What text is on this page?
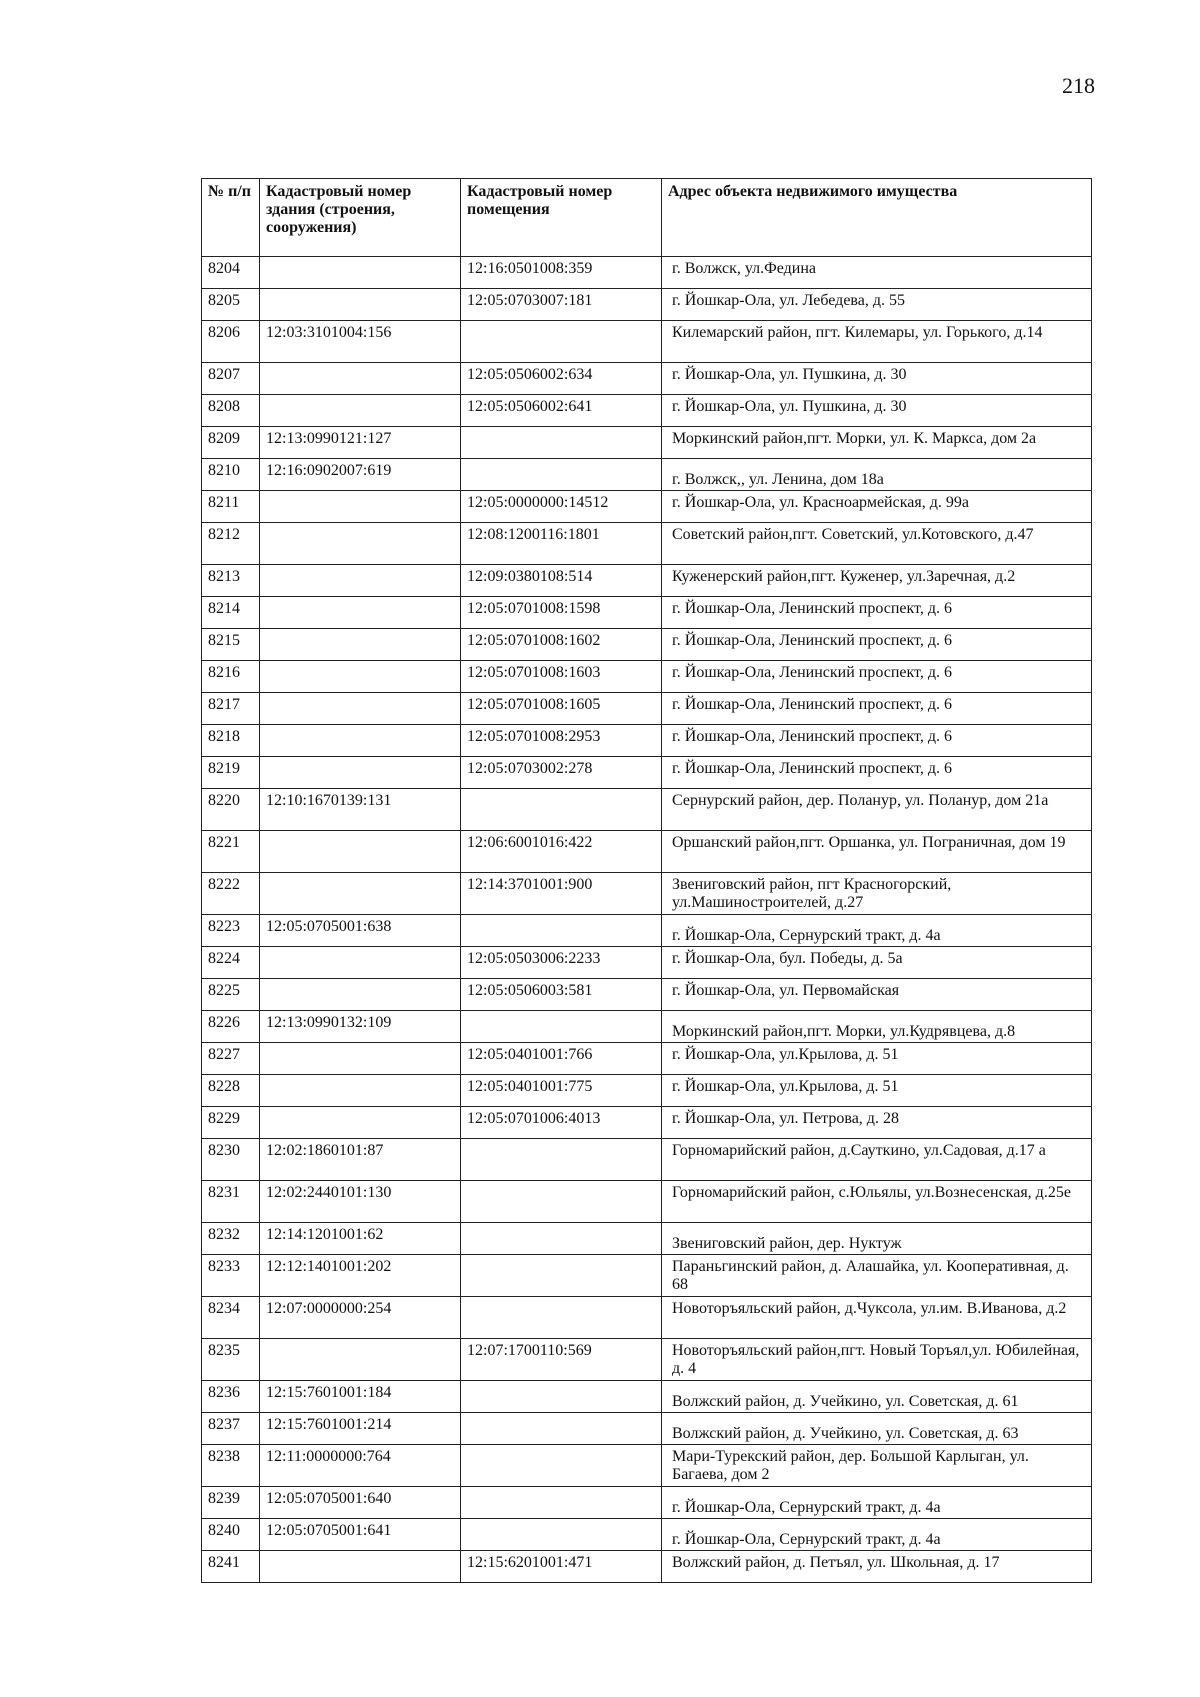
218
№ п/п	Кадастровый номер здания (строения, сооружения)	Кадастровый номер помещения	Адрес объекта недвижимого имущества
8204		12:16:0501008:359	г. Волжск, ул.Федина
8205		12:05:0703007:181	г. Йошкар-Ола, ул. Лебедева, д. 55
8206	12:03:3101004:156		Килемарский район, пгт. Килемары, ул. Горького, д.14
8207		12:05:0506002:634	г. Йошкар-Ола, ул. Пушкина, д. 30
8208		12:05:0506002:641	г. Йошкар-Ола, ул. Пушкина, д. 30
8209	12:13:0990121:127		Моркинский район,пгт. Морки, ул. К. Маркса, дом 2а
8210	12:16:0902007:619		г. Волжск,, ул. Ленина, дом 18а
8211		12:05:0000000:14512	г. Йошкар-Ола, ул. Красноармейская, д. 99а
8212		12:08:1200116:1801	Советский район,пгт. Советский, ул.Котовского, д.47
8213		12:09:0380108:514	Куженерский район,пгт. Куженер, ул.Заречная, д.2
8214		12:05:0701008:1598	г. Йошкар-Ола, Ленинский проспект, д. 6
8215		12:05:0701008:1602	г. Йошкар-Ола, Ленинский проспект, д. 6
8216		12:05:0701008:1603	г. Йошкар-Ола, Ленинский проспект, д. 6
8217		12:05:0701008:1605	г. Йошкар-Ола, Ленинский проспект, д. 6
8218		12:05:0701008:2953	г. Йошкар-Ола, Ленинский проспект, д. 6
8219		12:05:0703002:278	г. Йошкар-Ола, Ленинский проспект, д. 6
8220	12:10:1670139:131		Сернурский район, дер. Поланур, ул. Поланур, дом 21а
8221		12:06:6001016:422	Оршанский район,пгт. Оршанка, ул. Пограничная, дом 19
8222		12:14:3701001:900	Звениговский район, пгт Красногорский, ул.Машиностроителей, д.27
8223	12:05:0705001:638		г. Йошкар-Ола, Сернурский тракт, д. 4а
8224		12:05:0503006:2233	г. Йошкар-Ола, бул. Победы, д. 5а
8225		12:05:0506003:581	г. Йошкар-Ола, ул. Первомайская
8226	12:13:0990132:109		Моркинский район,пгт. Морки, ул.Кудрявцева, д.8
8227		12:05:0401001:766	г. Йошкар-Ола, ул.Крылова, д. 51
8228		12:05:0401001:775	г. Йошкар-Ола, ул.Крылова, д. 51
8229		12:05:0701006:4013	г. Йошкар-Ола, ул. Петрова, д. 28
8230	12:02:1860101:87		Горномарийский район, д.Сауткино, ул.Садовая, д.17 а
8231	12:02:2440101:130		Горномарийский район, с.Юльялы, ул.Вознесенская, д.25е
8232	12:14:1201001:62		Звениговский район, дер. Нуктуж
8233	12:12:1401001:202		Параньгинский район, д. Алашайка, ул. Кооперативная, д. 68
8234	12:07:0000000:254		Новоторъяльский район, д.Чуксола, ул.им. В.Иванова, д.2
8235		12:07:1700110:569	Новоторъяльский район,пгт. Новый Торъял,ул. Юбилейная, д. 4
8236	12:15:7601001:184		Волжский район, д. Учейкино, ул. Советская, д. 61
8237	12:15:7601001:214		Волжский район, д. Учейкино, ул. Советская, д. 63
8238	12:11:0000000:764		Мари-Турекский район, дер. Большой Карлыган, ул. Багаева, дом 2
8239	12:05:0705001:640		г. Йошкар-Ола, Сернурский тракт, д. 4а
8240	12:05:0705001:641		г. Йошкар-Ола, Сернурский тракт, д. 4а
8241		12:15:6201001:471	Волжский район, д. Петъял, ул. Школьная, д. 17
